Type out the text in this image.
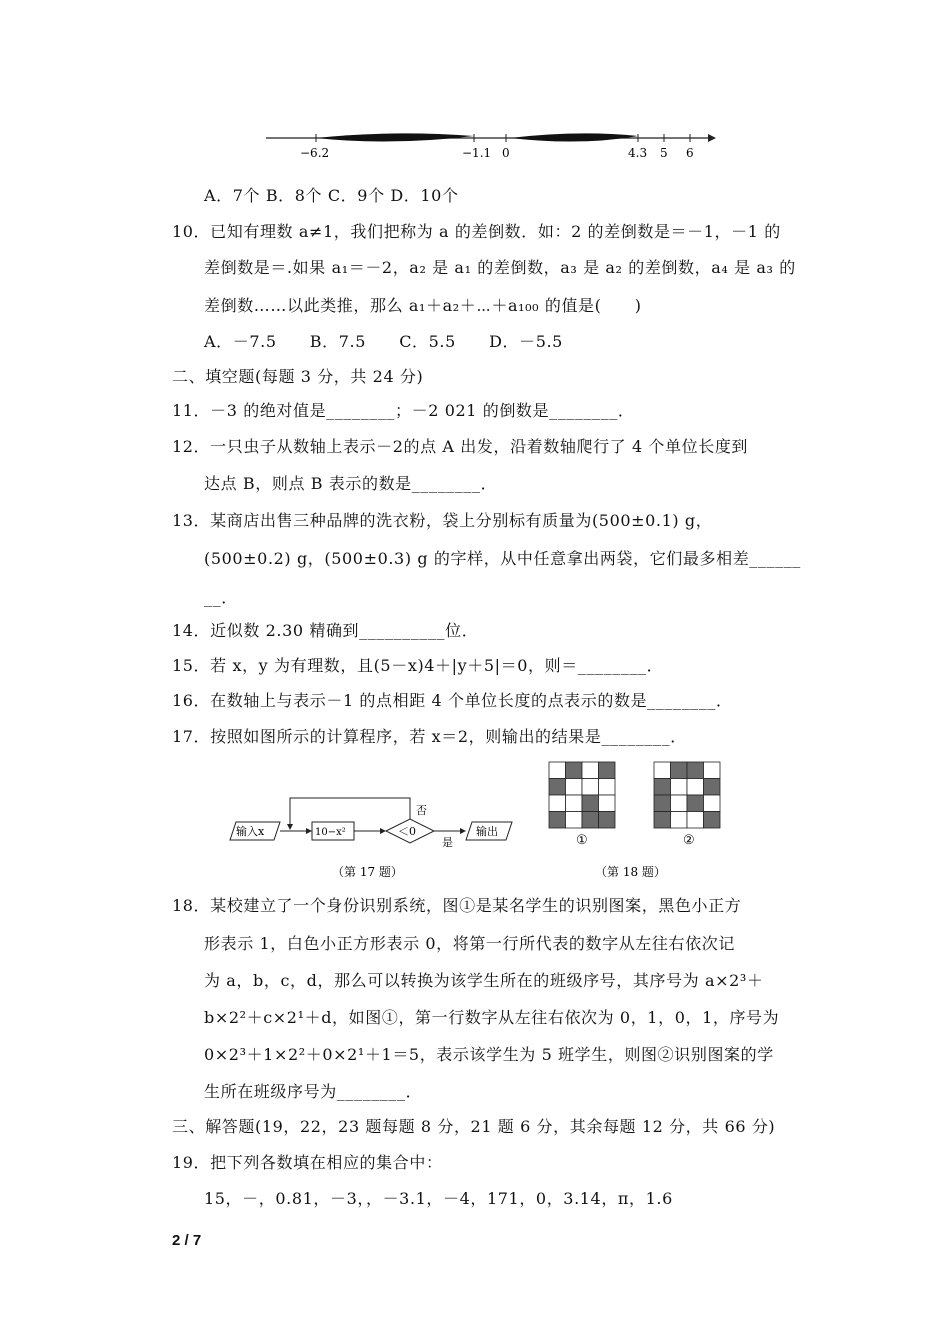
−6.2	−1.1 0	4.3 5 6
A．7个 B．8个 C．9个 D．10个
10．已知有理数 a≠1，我们把称为 a 的差倒数．如：2 的差倒数是＝－1，－1 的
差倒数是＝.如果 a₁＝－2，a₂ 是 a₁ 的差倒数，a₃ 是 a₂ 的差倒数，a₄ 是 a₃ 的
差倒数……以此类推，那么 a₁＋a₂＋⋯＋a₁₀₀ 的值是(　　)
A．－7.5　　B．7.5　　C．5.5　　D．－5.5
二、填空题(每题 3 分，共 24 分)
11．－3 的绝对值是________；－2 021 的倒数是________．
12．一只虫子从数轴上表示－2的点 A 出发，沿着数轴爬行了 4 个单位长度到
达点 B，则点 B 表示的数是________．
13．某商店出售三种品牌的洗衣粉，袋上分别标有质量为(500±0.1) g，
(500±0.2) g，(500±0.3) g 的字样，从中任意拿出两袋，它们最多相差______
__．
14．近似数 2.30 精确到__________位．
15．若 x，y 为有理数，且(5－x)4＋|y＋5|＝0，则＝________．
16．在数轴上与表示－1 的点相距 4 个单位长度的点表示的数是________．
17．按照如图所示的计算程序，若 x＝2，则输出的结果是________．
输入x	10−x²	＜0
否
是
输出
（第 17 题）
①	②
（第 18 题）
18．某校建立了一个身份识别系统，图①是某名学生的识别图案，黑色小正方
形表示 1，白色小正方形表示 0，将第一行所代表的数字从左往右依次记
为 a，b，c，d，那么可以转换为该学生所在的班级序号，其序号为 a×2³＋
b×2²＋c×2¹＋d，如图①，第一行数字从左往右依次为 0，1，0，1，序号为
0×2³＋1×2²＋0×2¹＋1＝5，表示该学生为 5 班学生，则图②识别图案的学
生所在班级序号为________．
三、解答题(19，22，23 题每题 8 分，21 题 6 分，其余每题 12 分，共 66 分)
19．把下列各数填在相应的集合中：
15，－，0.81，－3，，－3.1，－4，171，0，3.14，π，1.6
2 / 7
